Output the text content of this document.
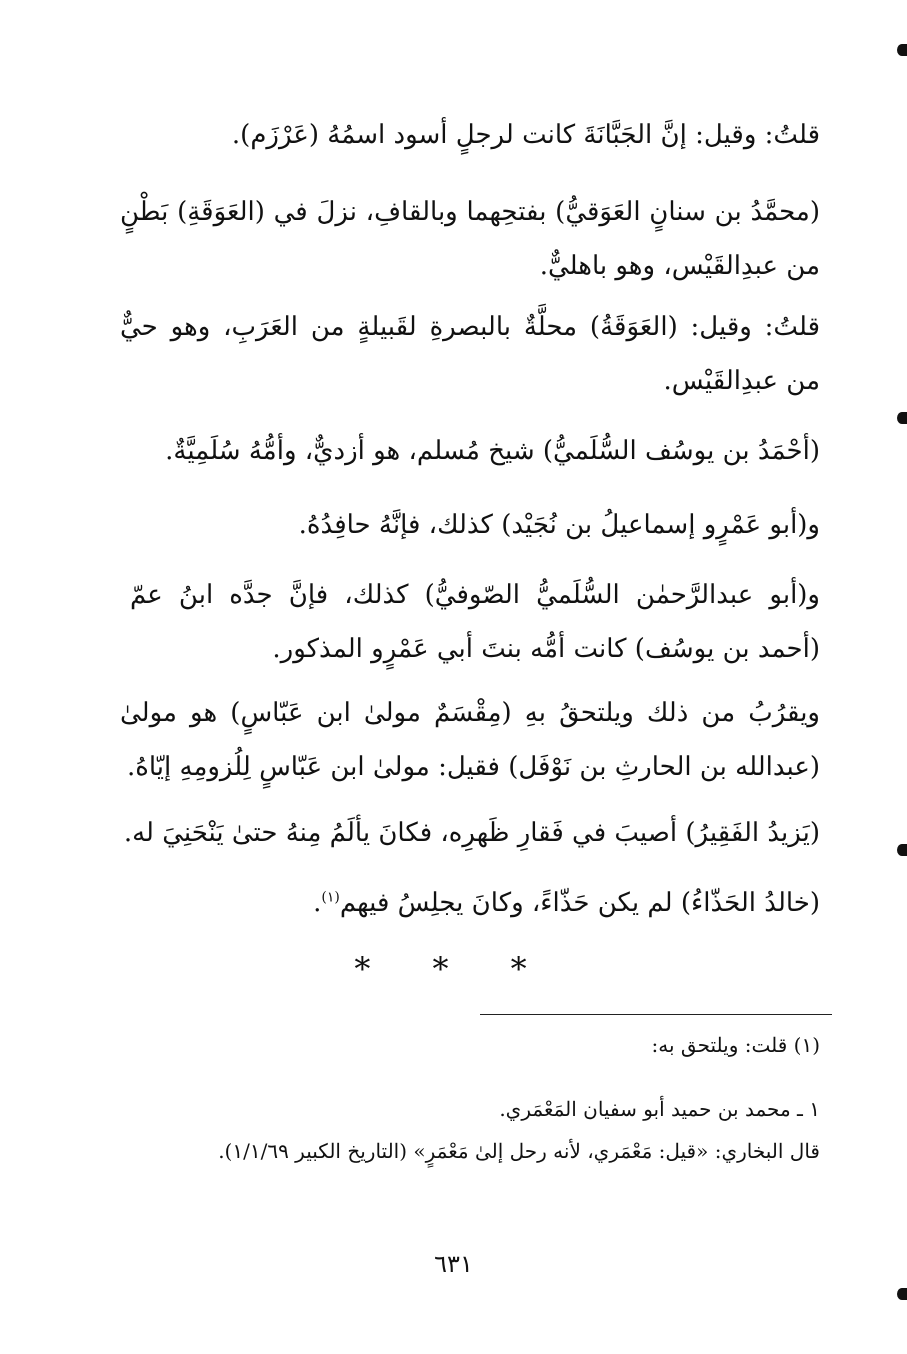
قلتُ: وقيل: إنَّ الجَبَّانَةَ كانت لرجلٍ أسود اسمُهُ (عَرْزَم).
(محمَّدُ بن سنانٍ العَوَقيُّ) بفتحِهما وبالقافِ، نزلَ في (العَوَقَةِ) بَطْنٍ من عبدِالقَيْس، وهو باهليٌّ.
قلتُ: وقيل: (العَوَقَةُ) محلَّةٌ بالبصرةِ لقَبيلةٍ من العَرَبِ، وهو حيٌّ من عبدِالقَيْس.
(أحْمَدُ بن يوسُف السُّلَميُّ) شيخ مُسلم، هو أزديٌّ، وأمُّهُ سُلَمِيَّةٌ.
و(أبو عَمْرٍو إسماعيلُ بن نُجَيْد) كذلك، فإنَّهُ حافِدُهُ.
و(أبو عبدالرَّحمٰن السُّلَميُّ الصّوفيُّ) كذلك، فإنَّ جدَّه ابنُ عمّ (أحمد بن يوسُف) كانت أمُّه بنتَ أبي عَمْرٍو المذكور.
ويقرُبُ من ذلك ويلتحقُ بهِ (مِقْسَمٌ مولىٰ ابن عَبّاسٍ) هو مولىٰ (عبدالله بن الحارثِ بن نَوْفَل) فقيل: مولىٰ ابن عَبّاسٍ لِلُزومِهِ إيّاهُ.
(يَزيدُ الفَقِيرُ) أصيبَ في فَقارِ ظَهرِه، فكانَ يألَمُ مِنهُ حتىٰ يَنْحَنِيَ له.
(خالدُ الحَذّاءُ) لم يكن حَذّاءً، وكانَ يجلِسُ فيهم$^{(١)}$.
* * *
(١) قلت: ويلتحق به:
١ ـ محمد بن حميد أبو سفيان المَعْمَري.
قال البخاري: «قيل: مَعْمَري، لأنه رحل إلىٰ مَعْمَرٍ» (التاريخ الكبير ١/١/٦٩).
٦٣١
